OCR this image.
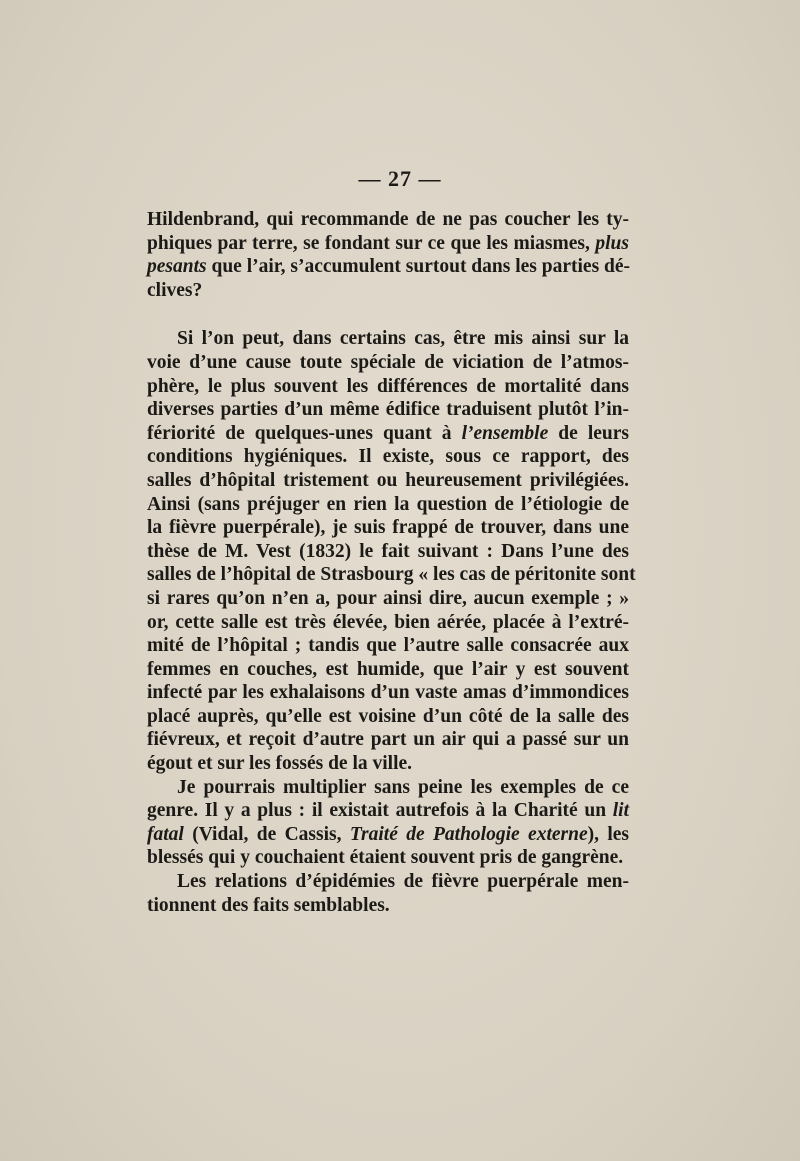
— 27 —
Hildenbrand, qui recommande de ne pas coucher les ty-
phiques par terre, se fondant sur ce que les miasmes, plus
pesants que l’air, s’accumulent surtout dans les parties dé-
clives?
Si l’on peut, dans certains cas, être mis ainsi sur la
voie d’une cause toute spéciale de viciation de l’atmos-
phère, le plus souvent les différences de mortalité dans
diverses parties d’un même édifice traduisent plutôt l’in-
fériorité de quelques-unes quant à l’ensemble de leurs
conditions hygiéniques. Il existe, sous ce rapport, des
salles d’hôpital tristement ou heureusement privilégiées.
Ainsi (sans préjuger en rien la question de l’étiologie de
la fièvre puerpérale), je suis frappé de trouver, dans une
thèse de M. Vest (1832) le fait suivant : Dans l’une des
salles de l’hôpital de Strasbourg « les cas de péritonite sont
si rares qu’on n’en a, pour ainsi dire, aucun exemple ; »
or, cette salle est très élevée, bien aérée, placée à l’extré-
mité de l’hôpital ; tandis que l’autre salle consacrée aux
femmes en couches, est humide, que l’air y est souvent
infecté par les exhalaisons d’un vaste amas d’immondices
placé auprès, qu’elle est voisine d’un côté de la salle des
fiévreux, et reçoit d’autre part un air qui a passé sur un
égout et sur les fossés de la ville.
Je pourrais multiplier sans peine les exemples de ce
genre. Il y a plus : il existait autrefois à la Charité un lit
fatal (Vidal, de Cassis, Traité de Pathologie externe), les
blessés qui y couchaient étaient souvent pris de gangrène.
Les relations d’épidémies de fièvre puerpérale men-
tionnent des faits semblables.
